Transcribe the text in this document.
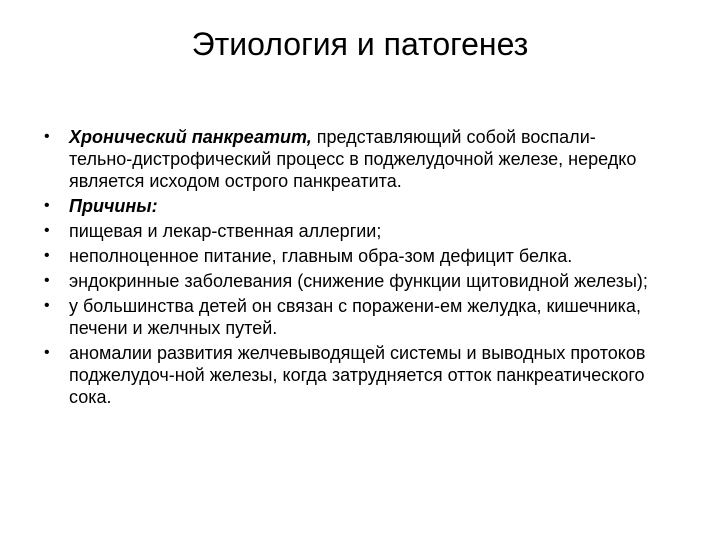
Этиология и патогенез
•	Хронический панкреатит, представляющий собой воспали-тельно-дистрофический процесс в поджелудочной железе, нередко является исходом острого панкреатита.
•	Причины:
•	пищевая и лекар-ственная аллергии;
•	неполноценное питание, главным обра-зом дефицит белка.
•	эндокринные заболевания (снижение функции щитовидной железы);
•	у большинства детей он связан с поражени-ем желудка, кишечника, печени и желчных путей.
•	аномалии развития желчевыводящей системы и выводных протоков поджелудоч-ной железы, когда затрудняется отток панкреатического сока.
